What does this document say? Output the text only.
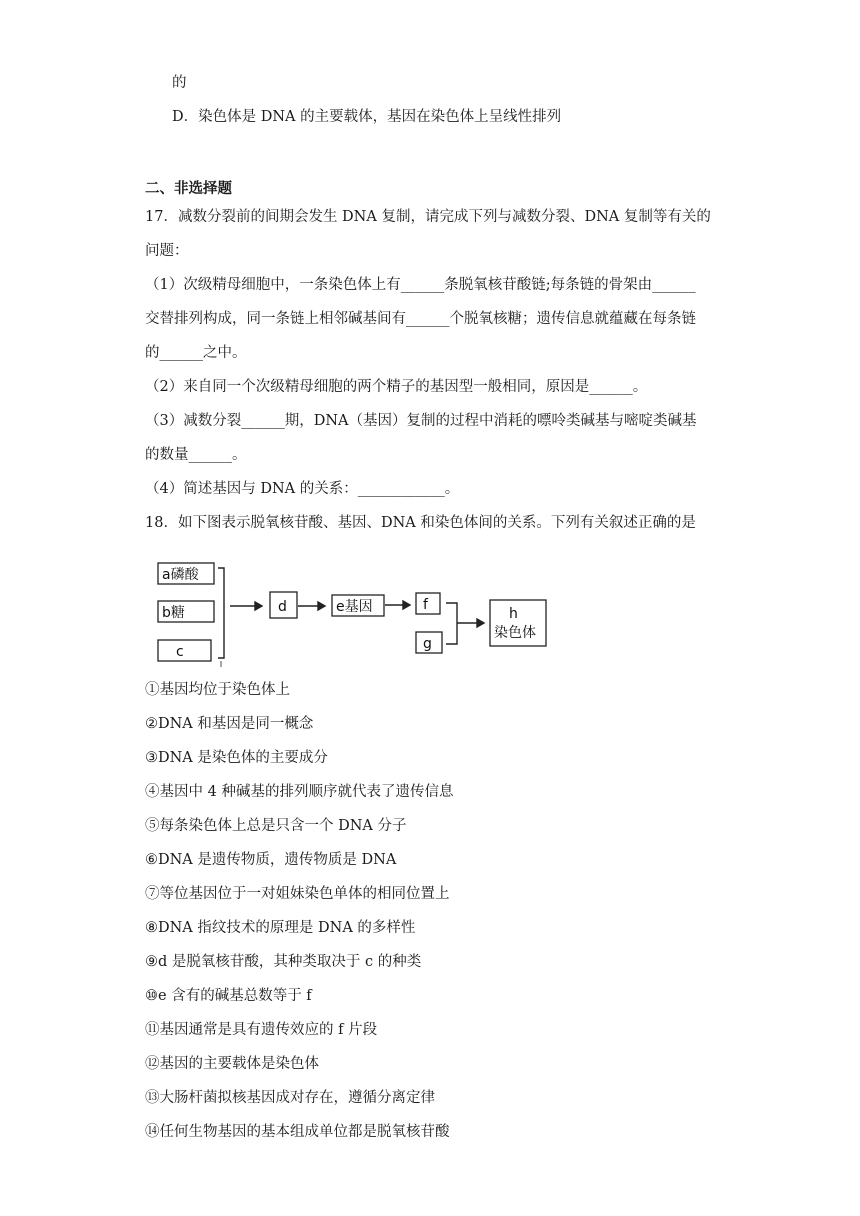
的
D．染色体是 DNA 的主要载体，基因在染色体上呈线性排列
二、非选择题
17．减数分裂前的间期会发生 DNA 复制，请完成下列与减数分裂、DNA 复制等有关的
问题：
（1）次级精母细胞中，一条染色体上有______条脱氧核苷酸链;每条链的骨架由______
交替排列构成，同一条链上相邻碱基间有______个脱氧核糖；遗传信息就蕴藏在每条链
的______之中。
（2）来自同一个次级精母细胞的两个精子的基因型一般相同，原因是______。
（3）减数分裂______期，DNA（基因）复制的过程中消耗的嘌呤类碱基与嘧啶类碱基
的数量______。
（4）简述基因与 DNA 的关系：____________。
18．如下图表示脱氧核苷酸、基因、DNA 和染色体间的关系。下列有关叙述正确的是
a磷酸
b糖
c
d	e基因	f
g
h
染色体
①基因均位于染色体上
②DNA 和基因是同一概念
③DNA 是染色体的主要成分
④基因中 4 种碱基的排列顺序就代表了遗传信息
⑤每条染色体上总是只含一个 DNA 分子
⑥DNA 是遗传物质，遗传物质是 DNA
⑦等位基因位于一对姐妹染色单体的相同位置上
⑧DNA 指纹技术的原理是 DNA 的多样性
⑨d 是脱氧核苷酸，其种类取决于 c 的种类
⑩e 含有的碱基总数等于 f
⑪基因通常是具有遗传效应的 f 片段
⑫基因的主要载体是染色体
⑬大肠杆菌拟核基因成对存在，遵循分离定律
⑭任何生物基因的基本组成单位都是脱氧核苷酸
